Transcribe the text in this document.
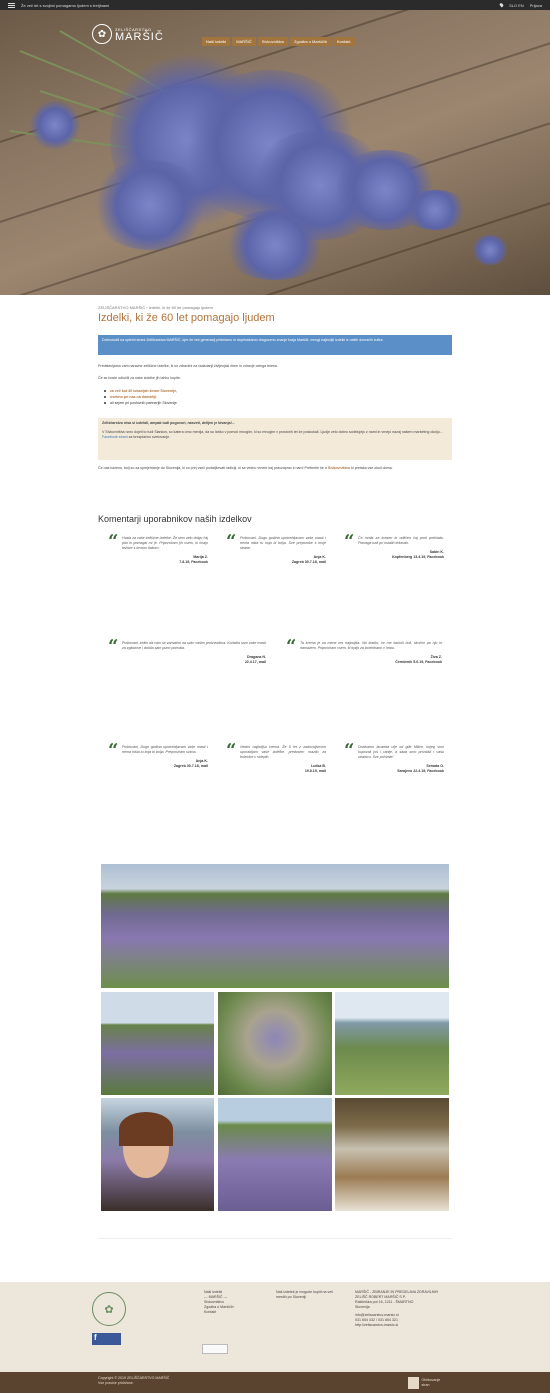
Že več let s svojimi pomagamo ljudem s tretjinami	SLO EN Prijava
✿	ZELIŠČARSTVO
MARŠIČ	Naši izdelki	MARŠIČ	Sivkovništvo	Zgodba o Maršičih	Kontakt
ZELIŠČARSTVO MARŠIČ › Izdelki, ki že 60 let pomagajo ljudem
Izdelki, ki že 60 let pomagajo ljudem
Dobrodošli na spletni strani Zeliščarstva MARŠIČ, kjer že več generacij pridelamo in doprinašamo dragoceno znanje kraja Maršiči, mnogi najboljši izdelki iz naših domačih kultur.
Predstavljamo vam naravne zeliščne izdelke, ki so zdravilni za vsakdanji življenjski ritem in zdravje celega telesa.
Če se boste odločili za naše izdelke jih lahko kupite:
za več kot 40 lokacijah širom Slovenije,
osebno pri nas na domačiji
ali sejem pri poslovnih partnerjih Slovenije
Zeliščarstvo nisa si izdelali, ampak tudi pogovori, nasveti, delijen je bivanja!...
V Sivkovništvu smo dojeli to tudi Slankov, so katera omo menija, da so lahko v pomoč mnogim, ki so mnogim v prostorih let že poskušali. Ljudje zelo dobro sodelujejo z nami in vrnejo nazaj našem marketing okolju...
Facebook strani za brezplačno svetovanje.
Če nas iskreno, bolj so za sprejemanje do Slovenija, ki so prej vseč podaljševati radiciji, ki se vedno vrnete kaj pravzaprav k nam! Preberite še o Sivkovništvu ki pretaka vse okoli doma.
Komentarji uporabnikov naših izdelkov
“ Hvala za vaše zeliščne izdelke. Že sem zelo dolgo čaj pila in pomagal mi je. Priporočam jih vsem, ki imajo težave s krvnim tlakom.
Marija Z.
7.8.19, Facebook
“ Poštovani, Dugo godina upotrebljavam vaše masti i nema ništa tu koja bi bolja. Sve preporuke s moje strane.
Anja K.
Zagreb 30.7.18, mail
“ Če hvala za krasen in odličen čaj proti prehladu. Pomaga tudi pri ostalih težavah.
Sabin K.
Kopfenberg 13.4.19, Facebook
“ Poštovani, želim da vam se zahvalim na svim vašim proizvodima. Koristila sam vaše masti za zglobove i dobila sam puno pohvala.
Dragana N.
22.4.17, mail
“ Ta krema je za mene res najboljša. Na kratko, če me karkoli boli, skočim po njo in namažem. Priporočam vsem, ki trpijo za bolečinami v hrbtu.
Živa Z.
Čemšenik 5.6.19, Facebook
“ Poštovani, Dugo godina upotrebljavam vaše masti i nema ništa tu koja bi bolja. Preporučam svima.
Anja K.
Zagreb 30.7.18, mail
“ Vedno najboljša krema. Že 5 let z zadovoljstvom uporabljam vaše izdelke, predvsem mazilo za bolečine v sklepih.
Lučka B.
19.8.19, mail
“ Dobivamo lavanda ulje od gđe Milice, kojeg smo kupovali još i ranije, a sada smo pronašli i vašu stranicu. Sve pohvale!
Senada O.
Sarajevo 22.4.19, Facebook
✿
f
Naši izdelki
--- MARŠIČ ---
Sivkovništvo
Zgodba o Maršičih
Kontakt
Naš izdelek je mogoče kupiti na več mestih po Sloveniji
MARŠIČ - ZBIRANJE IN PREDELAVA ZDRAVILNIH
ZELIŠČ ROBERT MARŠIČ S.P.
Rakitniška pot 16, 1211 - ŠMARTNO
Slovenija
info@zeliscarstvo-marsic.si
031 654 432 / 031 654 321
http://zeliscarstvo-marsic.si
Copyright © 2019 ZELIŠČARSTVO MARŠIČ
Vse pravice pridržane.
Oblikovanje stran
